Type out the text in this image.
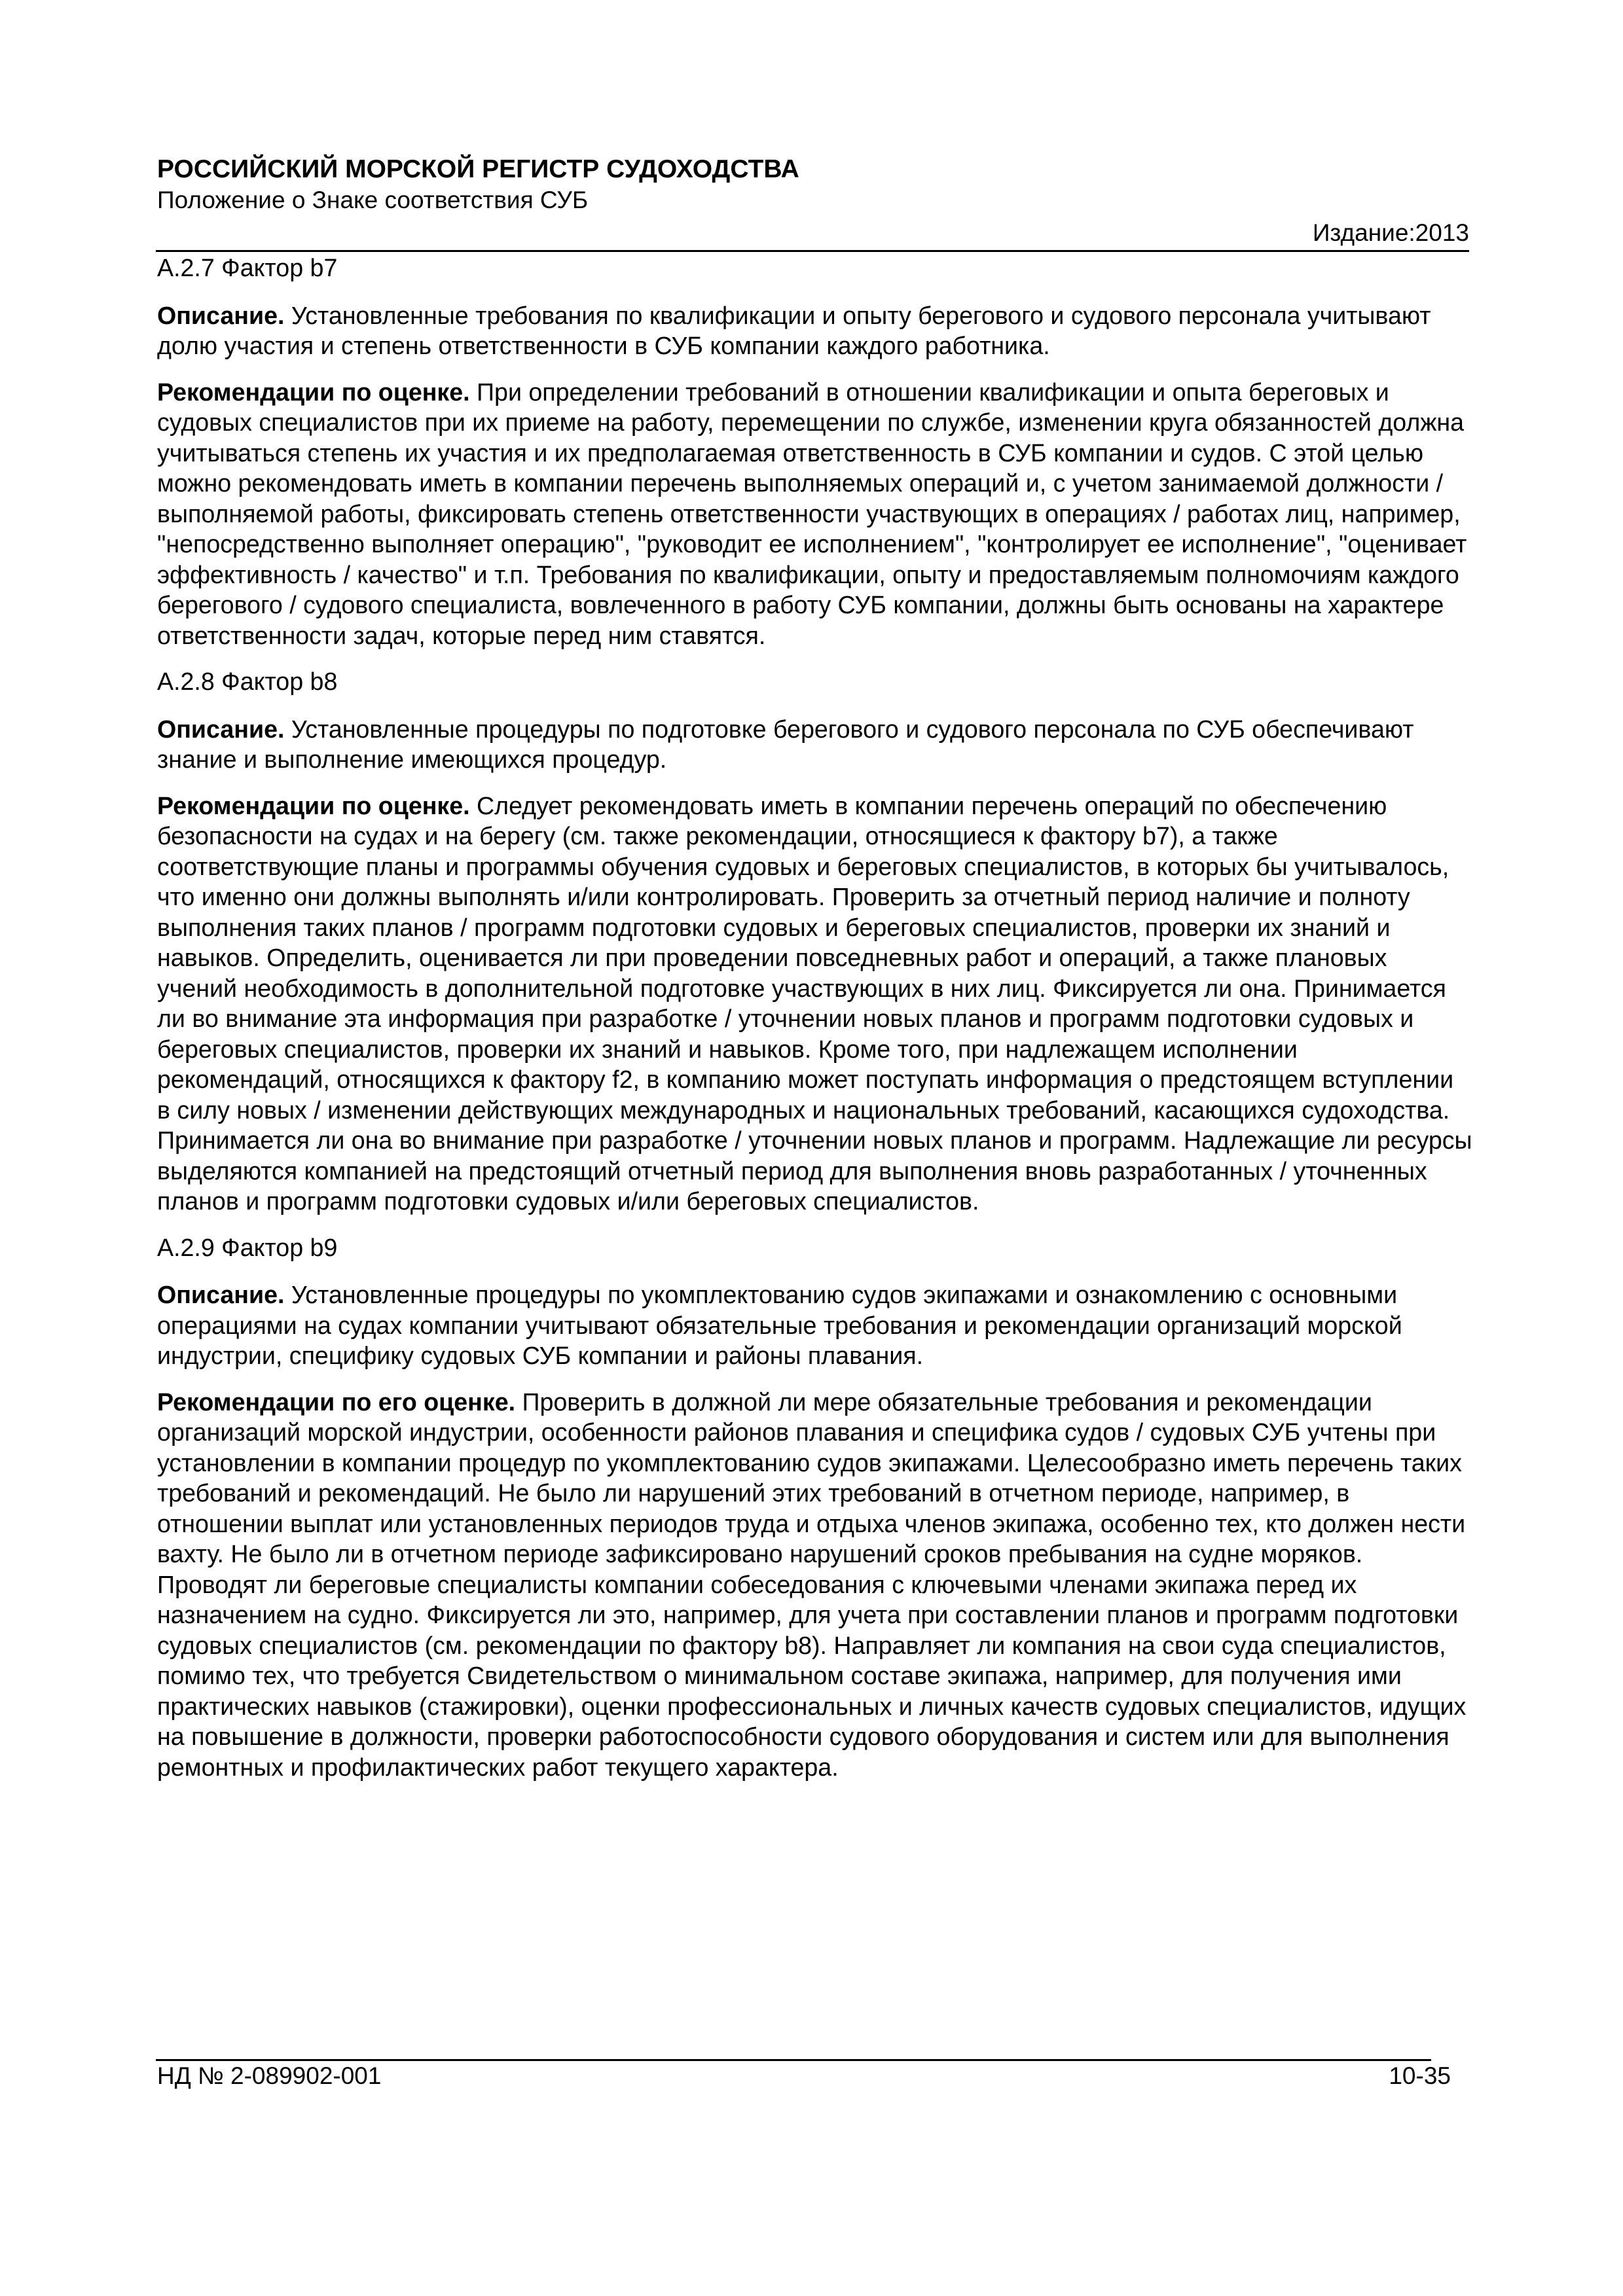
РОССИЙСКИЙ МОРСКОЙ РЕГИСТР СУДОХОДСТВА
Положение о Знаке соответствия СУБ
Издание:2013

А.2.7 Фактор b7

Описание. Установленные требования по квалификации и опыту берегового и судового персонала учитывают долю участия и степень ответственности в СУБ компании каждого работника.

Рекомендации по оценке. При определении требований в отношении квалификации и опыта береговых и судовых специалистов при их приеме на работу, перемещении по службе, изменении круга обязанностей должна учитываться степень их участия и их предполагаемая ответственность в СУБ компании и судов. С этой целью можно рекомендовать иметь в компании перечень выполняемых операций и, с учетом занимаемой должности / выполняемой работы, фиксировать степень ответственности участвующих в операциях / работах лиц, например, "непосредственно выполняет операцию", "руководит ее исполнением", "контролирует ее исполнение", "оценивает эффективность / качество" и т.п. Требования по квалификации, опыту и предоставляемым полномочиям каждого берегового / судового специалиста, вовлеченного в работу СУБ компании, должны быть основаны на характере ответственности задач, которые перед ним ставятся.

А.2.8 Фактор b8

Описание. Установленные процедуры по подготовке берегового и судового персонала по СУБ обеспечивают знание и выполнение имеющихся процедур.

Рекомендации по оценке. Следует рекомендовать иметь в компании перечень операций по обеспечению безопасности на судах и на берегу (см. также рекомендации, относящиеся к фактору b7), а также соответствующие планы и программы обучения судовых и береговых специалистов, в которых бы учитывалось, что именно они должны выполнять и/или контролировать. Проверить за отчетный период наличие и полноту выполнения таких планов / программ подготовки судовых и береговых специалистов, проверки их знаний и навыков. Определить, оценивается ли при проведении повседневных работ и операций, а также плановых учений необходимость в дополнительной подготовке участвующих в них лиц. Фиксируется ли она. Принимается ли во внимание эта информация при разработке / уточнении новых планов и программ подготовки судовых и береговых специалистов, проверки их знаний и навыков. Кроме того, при надлежащем исполнении рекомендаций, относящихся к фактору f2, в компанию может поступать информация о предстоящем вступлении в силу новых / изменении действующих международных и национальных требований, касающихся судоходства. Принимается ли она во внимание при разработке / уточнении новых планов и программ. Надлежащие ли ресурсы выделяются компанией на предстоящий отчетный период для выполнения вновь разработанных / уточненных планов и программ подготовки судовых и/или береговых специалистов.

А.2.9 Фактор b9

Описание. Установленные процедуры по укомплектованию судов экипажами и ознакомлению с основными операциями на судах компании учитывают обязательные требования и рекомендации организаций морской индустрии, специфику судовых СУБ компании и районы плавания.

Рекомендации по его оценке. Проверить в должной ли мере обязательные требования и рекомендации организаций морской индустрии, особенности районов плавания и специфика судов / судовых СУБ учтены при установлении в компании процедур по укомплектованию судов экипажами. Целесообразно иметь перечень таких требований и рекомендаций. Не было ли нарушений этих требований в отчетном периоде, например, в отношении выплат или установленных периодов труда и отдыха членов экипажа, особенно тех, кто должен нести вахту. Не было ли в отчетном периоде зафиксировано нарушений сроков пребывания на судне моряков. Проводят ли береговые специалисты компании собеседования с ключевыми членами экипажа перед их назначением на судно. Фиксируется ли это, например, для учета при составлении планов и программ подготовки судовых специалистов (см. рекомендации по фактору b8). Направляет ли компания на свои суда специалистов, помимо тех, что требуется Свидетельством о минимальном составе экипажа, например, для получения ими практических навыков (стажировки), оценки профессиональных и личных качеств судовых специалистов, идущих на повышение в должности, проверки работоспособности судового оборудования и систем или для выполнения ремонтных и профилактических работ текущего характера.

НД № 2-089902-001	10-35
